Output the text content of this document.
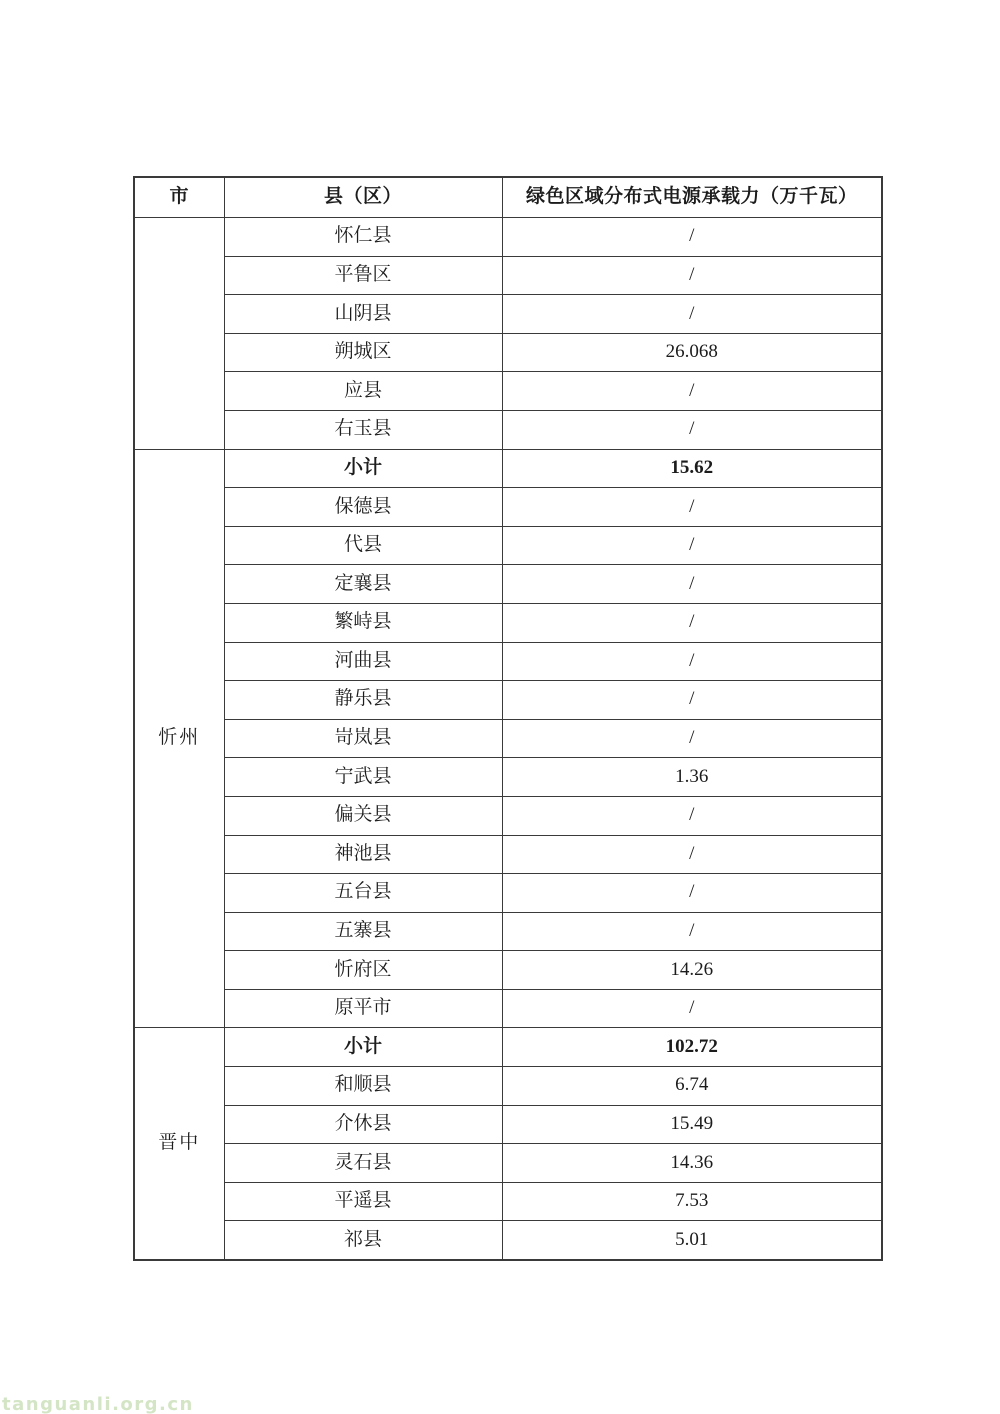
市	县（区）	绿色区域分布式电源承载力（万千瓦）
	怀仁县	/
	平鲁区	/
	山阴县	/
	朔城区	26.068
	应县	/
	右玉县	/
忻州	小计	15.62
	保德县	/
	代县	/
	定襄县	/
	繁峙县	/
	河曲县	/
	静乐县	/
	岢岚县	/
	宁武县	1.36
	偏关县	/
	神池县	/
	五台县	/
	五寨县	/
	忻府区	14.26
	原平市	/
晋中	小计	102.72
	和顺县	6.74
	介休县	15.49
	灵石县	14.36
	平遥县	7.53
	祁县	5.01
tanguanli.org.cn
